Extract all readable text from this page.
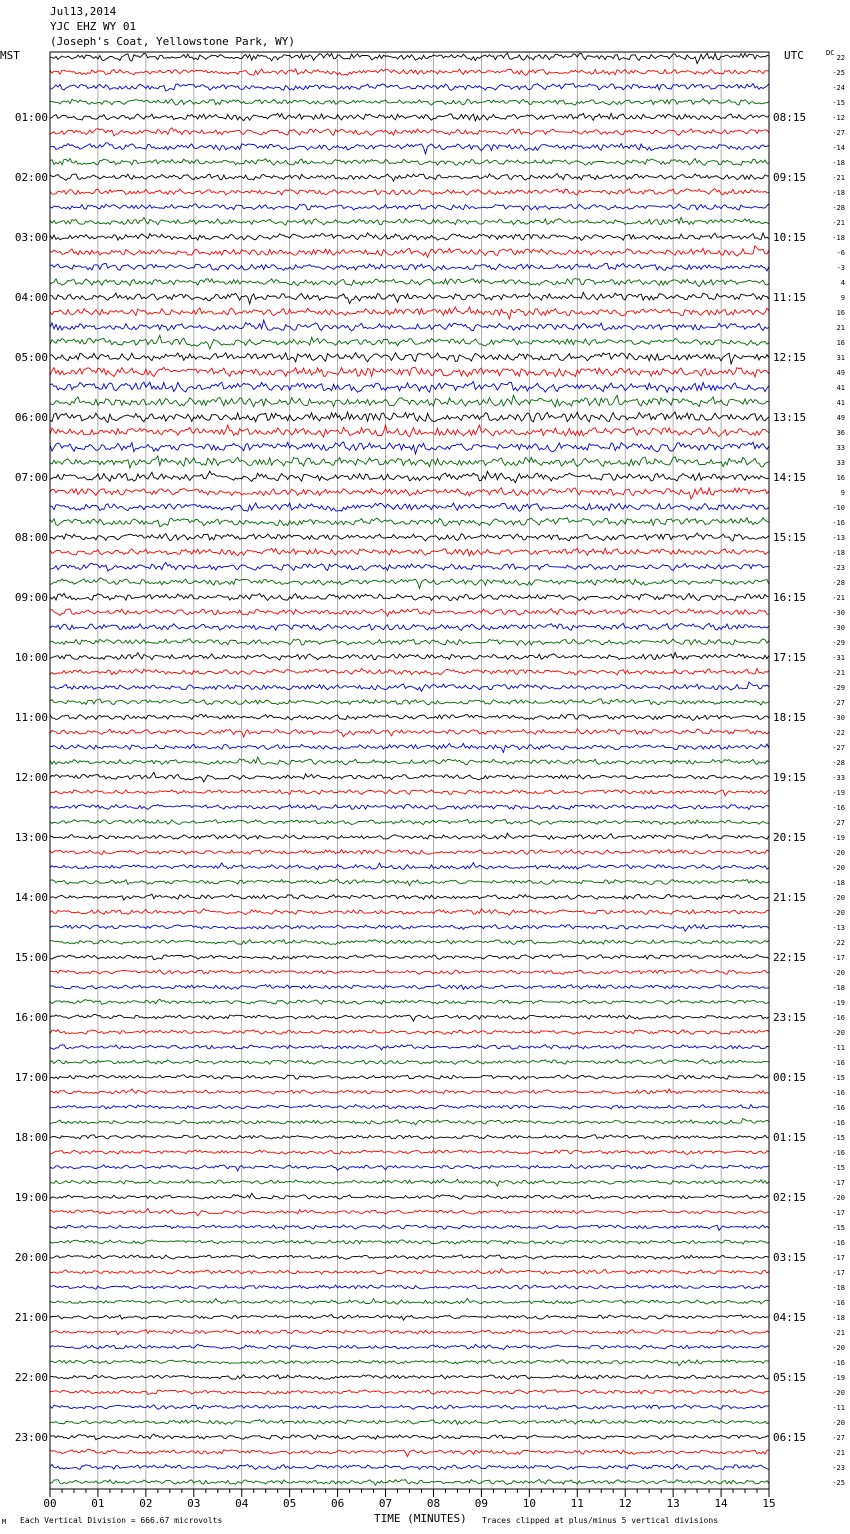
Jul13,2014
YJC EHZ WY 01
(Joseph's Coat, Yellowstone Park, WY)
MST	UTC	DC
00	01	02	03	04	05	06	07	08	09	10	11	12	13	14	15
01:00
02:00
03:00
04:00
05:00
06:00
07:00
08:00
09:00
10:00
11:00
12:00
13:00
14:00
15:00
16:00
17:00
18:00
19:00
20:00
21:00
22:00
23:00
08:15
09:15
10:15
11:15
12:15
13:15
14:15
15:15
16:15
17:15
18:15
19:15
20:15
21:15
22:15
23:15
00:15
01:15
02:15
03:15
04:15
05:15
06:15
22
-25
-24
-15
-12
-27
-14
-18
-21
-18
-28
-21
-18
-6
-3
4
9
16
21
16
31
49
41
41
49
36
33
33
16
9
-10
-16
-13
-18
-23
-28
-21
-30
-30
-29
-31
-21
-29
-27
-30
-22
-27
-28
-33
-19
-16
-27
-19
-20
-20
-18
-20
-20
-13
-22
-17
-20
-18
-19
-16
-20
-11
-16
-15
-16
-16
-16
-15
-16
-15
-17
-20
-17
-15
-16
-17
-17
-18
-16
-18
-21
-20
-16
-19
-20
-11
-20
-27
-21
-23
-25
TIME (MINUTES)
M Each Vertical Division = 666.67 microvolts	Traces clipped at plus/minus 5 vertical divisions
